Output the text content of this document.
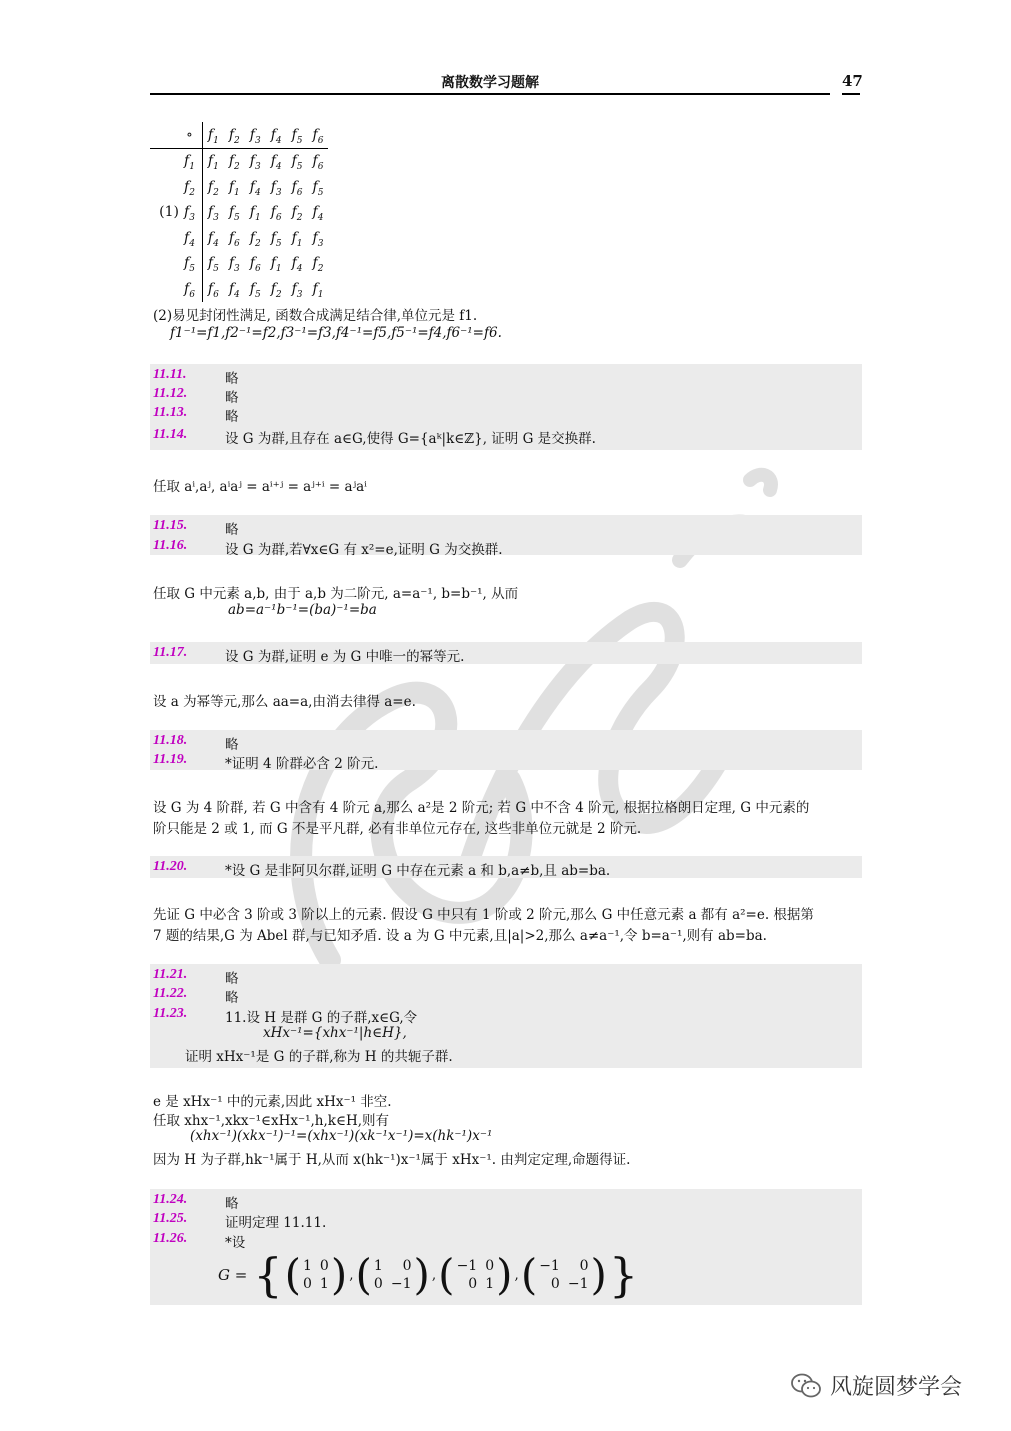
离散数学习题解	47
	∘	$f_1$	$f_2$	$f_3$	$f_4$	$f_5$	$f_6$
	$f_1$	$f_1$	$f_2$	$f_3$	$f_4$	$f_5$	$f_6$
	$f_2$	$f_2$	$f_1$	$f_4$	$f_3$	$f_6$	$f_5$
(1)	$f_3$	$f_3$	$f_5$	$f_1$	$f_6$	$f_2$	$f_4$
	$f_4$	$f_4$	$f_6$	$f_2$	$f_5$	$f_1$	$f_3$
	$f_5$	$f_5$	$f_3$	$f_6$	$f_1$	$f_4$	$f_2$
	$f_6$	$f_6$	$f_4$	$f_5$	$f_2$	$f_3$	$f_1$
(2)易见封闭性满足, 函数合成满足结合律,单位元是 f1.
f1⁻¹=f1,f2⁻¹=f2,f3⁻¹=f3,f4⁻¹=f5,f5⁻¹=f4,f6⁻¹=f6.
11.11.	略
11.12.	略
11.13.	略
11.14.	设 G 为群,且存在 a∈G,使得 G={aᵏ|k∈ℤ}, 证明 G 是交换群.
任取 aⁱ,aʲ, aⁱaʲ = aⁱ⁺ʲ = aʲ⁺ⁱ = aʲaⁱ
11.15.	略
11.16.	设 G 为群,若∀x∈G 有 x²=e,证明 G 为交换群.
任取 G 中元素 a,b, 由于 a,b 为二阶元, a=a⁻¹, b=b⁻¹, 从而
ab=a⁻¹b⁻¹=(ba)⁻¹=ba
11.17.	设 G 为群,证明 e 为 G 中唯一的幂等元.
设 a 为幂等元,那么 aa=a,由消去律得 a=e.
11.18.	略
11.19.	*证明 4 阶群必含 2 阶元.
设 G 为 4 阶群, 若 G 中含有 4 阶元 a,那么 a²是 2 阶元; 若 G 中不含 4 阶元, 根据拉格朗日定理, G 中元素的
阶只能是 2 或 1, 而 G 不是平凡群, 必有非单位元存在, 这些非单位元就是 2 阶元.
11.20.	*设 G 是非阿贝尔群,证明 G 中存在元素 a 和 b,a≠b,且 ab=ba.
先证 G 中必含 3 阶或 3 阶以上的元素. 假设 G 中只有 1 阶或 2 阶元,那么 G 中任意元素 a 都有 a²=e. 根据第
7 题的结果,G 为 Abel 群,与已知矛盾. 设 a 为 G 中元素,且|a|>2,那么 a≠a⁻¹,令 b=a⁻¹,则有 ab=ba.
11.21.	略
11.22.	略
11.23.	11.设 H 是群 G 的子群,x∈G,令
xHx⁻¹={xhx⁻¹|h∈H},
证明 xHx⁻¹是 G 的子群,称为 H 的共轭子群.
e 是 xHx⁻¹ 中的元素,因此 xHx⁻¹ 非空.
任取 xhx⁻¹,xkx⁻¹∈xHx⁻¹,h,k∈H,则有
(xhx⁻¹)(xkx⁻¹)⁻¹=(xhx⁻¹)(xk⁻¹x⁻¹)=x(hk⁻¹)x⁻¹
因为 H 为子群,hk⁻¹属于 H,从而 x(hk⁻¹)x⁻¹属于 xHx⁻¹. 由判定定理,命题得证.
11.24.	略
11.25.	证明定理 11.11.
11.26.	*设
G = { ( 1 0
0 1 ) , ( 1	0
0 −1 ) , ( −1 0
0 1 ) , ( −1	0
0 −1 ) }
风旋圆梦学会
